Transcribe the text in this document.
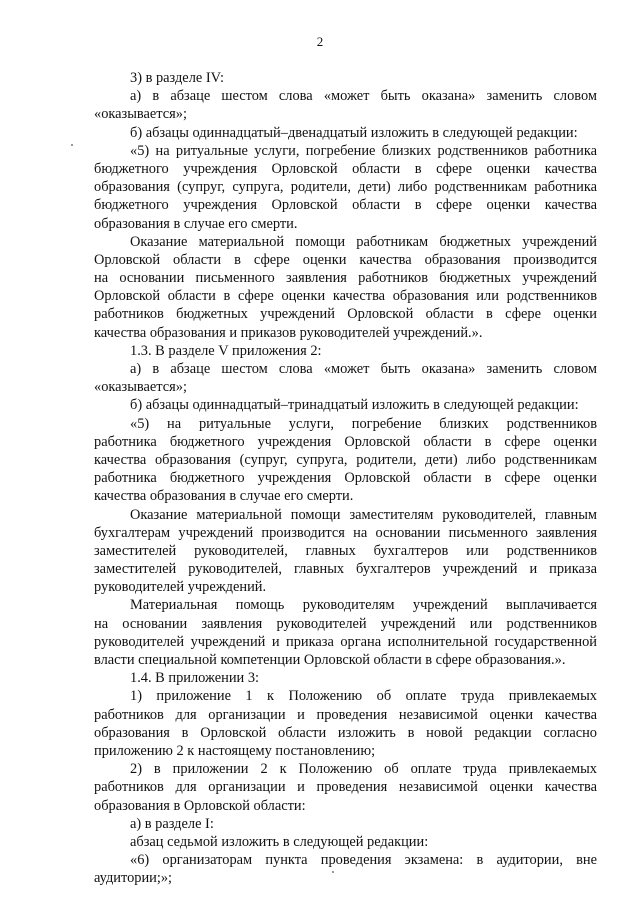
2
3) в разделе IV:
а) в абзаце шестом слова «может быть оказана» заменить словом
«оказывается»;
б) абзацы одиннадцатый–двенадцатый изложить в следующей редакции:
«5) на ритуальные услуги, погребение близких родственников работника
бюджетного учреждения Орловской области в сфере оценки качества
образования (супруг, супруга, родители, дети) либо родственникам работника
бюджетного учреждения Орловской области в сфере оценки качества
образования в случае его смерти.
Оказание материальной помощи работникам бюджетных учреждений
Орловской области в сфере оценки качества образования производится
на основании письменного заявления работников бюджетных учреждений
Орловской области в сфере оценки качества образования или родственников
работников бюджетных учреждений Орловской области в сфере оценки
качества образования и приказов руководителей учреждений.».
1.3. В разделе V приложения 2:
а) в абзаце шестом слова «может быть оказана» заменить словом
«оказывается»;
б) абзацы одиннадцатый–тринадцатый изложить в следующей редакции:
«5) на ритуальные услуги, погребение близких родственников
работника бюджетного учреждения Орловской области в сфере оценки
качества образования (супруг, супруга, родители, дети) либо родственникам
работника бюджетного учреждения Орловской области в сфере оценки
качества образования в случае его смерти.
Оказание материальной помощи заместителям руководителей, главным
бухгалтерам учреждений производится на основании письменного заявления
заместителей руководителей, главных бухгалтеров или родственников
заместителей руководителей, главных бухгалтеров учреждений и приказа
руководителей учреждений.
Материальная помощь руководителям учреждений выплачивается
на основании заявления руководителей учреждений или родственников
руководителей учреждений и приказа органа исполнительной государственной
власти специальной компетенции Орловской области в сфере образования.».
1.4. В приложении 3:
1) приложение 1 к Положению об оплате труда привлекаемых
работников для организации и проведения независимой оценки качества
образования в Орловской области изложить в новой редакции согласно
приложению 2 к настоящему постановлению;
2) в приложении 2 к Положению об оплате труда привлекаемых
работников для организации и проведения независимой оценки качества
образования в Орловской области:
а) в разделе I:
абзац седьмой изложить в следующей редакции:
«6) организаторам пункта проведения экзамена: в аудитории, вне
аудитории;»;
